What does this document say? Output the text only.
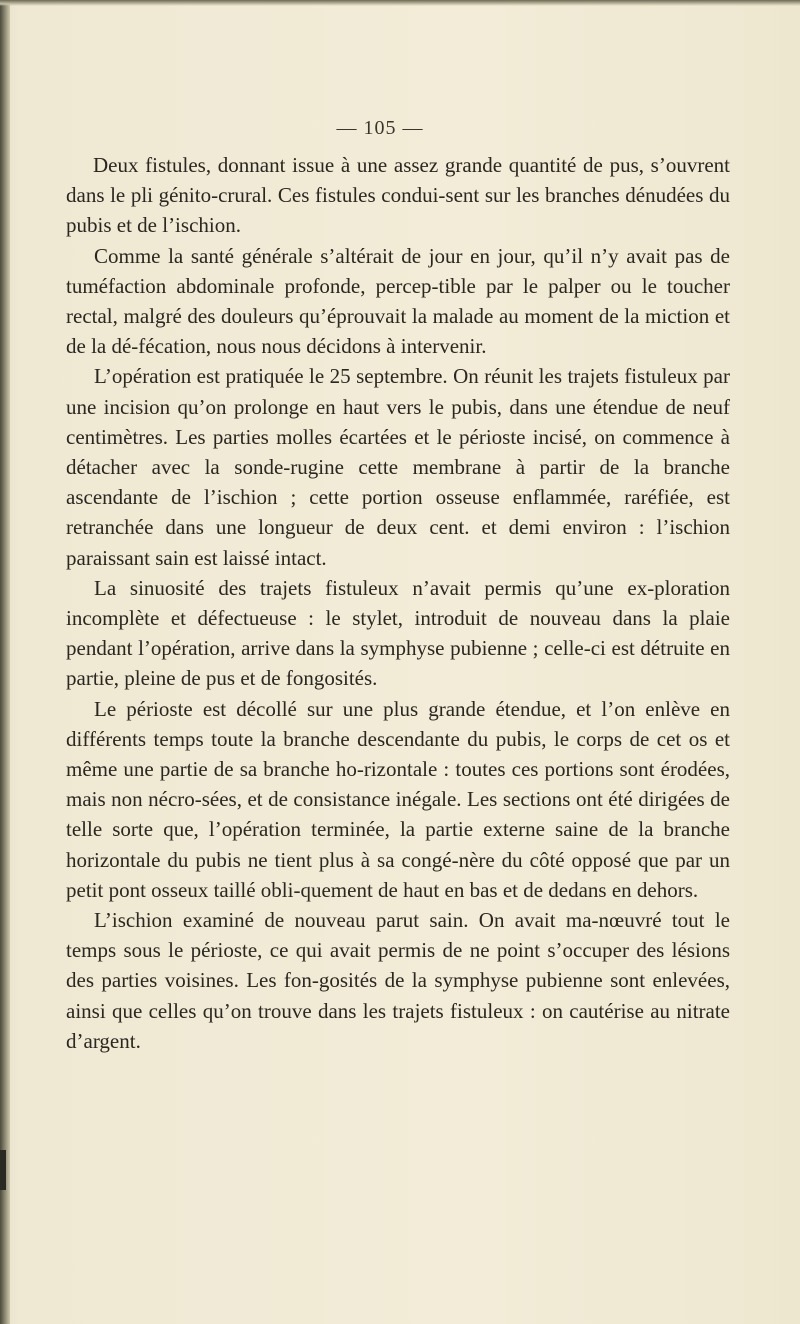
— 105 —

Deux fistules, donnant issue à une assez grande quantité de pus, s’ouvrent dans le pli génito-crural. Ces fistules condui-sent sur les branches dénudées du pubis et de l’ischion.

Comme la santé générale s’altérait de jour en jour, qu’il n’y avait pas de tuméfaction abdominale profonde, percep-tible par le palper ou le toucher rectal, malgré des douleurs qu’éprouvait la malade au moment de la miction et de la dé-fécation, nous nous décidons à intervenir.

L’opération est pratiquée le 25 septembre. On réunit les trajets fistuleux par une incision qu’on prolonge en haut vers le pubis, dans une étendue de neuf centimètres. Les parties molles écartées et le périoste incisé, on commence à détacher avec la sonde-rugine cette membrane à partir de la branche ascendante de l’ischion ; cette portion osseuse enflammée, raréfiée, est retranchée dans une longueur de deux cent. et demi environ : l’ischion paraissant sain est laissé intact.

La sinuosité des trajets fistuleux n’avait permis qu’une ex-ploration incomplète et défectueuse : le stylet, introduit de nouveau dans la plaie pendant l’opération, arrive dans la symphyse pubienne ; celle-ci est détruite en partie, pleine de pus et de fongosités.

Le périoste est décollé sur une plus grande étendue, et l’on enlève en différents temps toute la branche descendante du pubis, le corps de cet os et même une partie de sa branche ho-rizontale : toutes ces portions sont érodées, mais non nécro-sées, et de consistance inégale. Les sections ont été dirigées de telle sorte que, l’opération terminée, la partie externe saine de la branche horizontale du pubis ne tient plus à sa congé-nère du côté opposé que par un petit pont osseux taillé obli-quement de haut en bas et de dedans en dehors.

L’ischion examiné de nouveau parut sain. On avait ma-nœuvré tout le temps sous le périoste, ce qui avait permis de ne point s’occuper des lésions des parties voisines. Les fon-gosités de la symphyse pubienne sont enlevées, ainsi que celles qu’on trouve dans les trajets fistuleux : on cautérise au nitrate d’argent.
